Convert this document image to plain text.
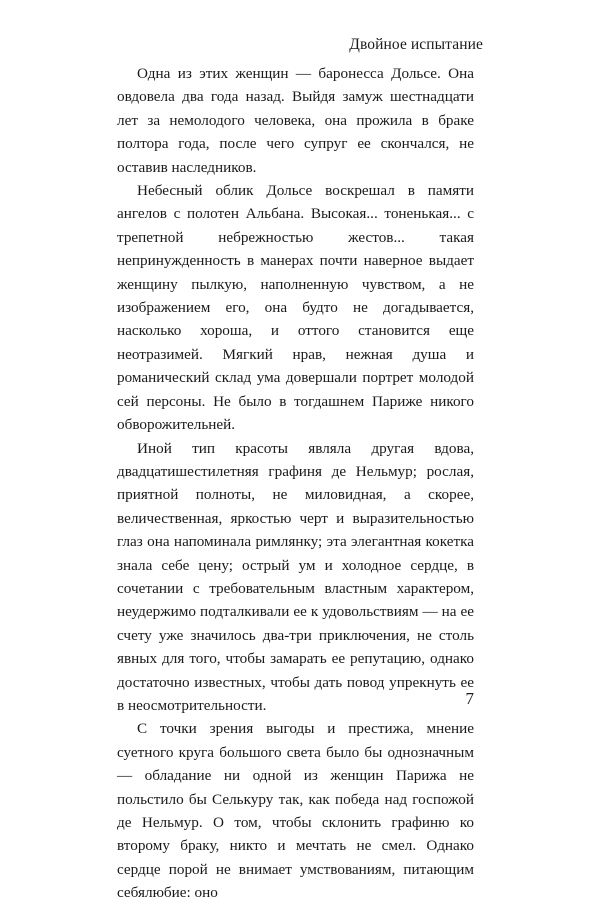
Двойное испытание

Одна из этих женщин — баронесса Дольсе. Она овдовела два года назад. Выйдя замуж шестнадцати лет за немолодого человека, она прожила в браке полтора года, после чего супруг ее скончался, не оставив наследников.

Небесный облик Дольсе воскрешал в памяти ангелов с полотен Альбана. Высокая... тоненькая... с трепетной небрежностью жестов... такая непринужденность в манерах почти наверное выдает женщину пылкую, наполненную чувством, а не изображением его, она будто не догадывается, насколько хороша, и оттого становится еще неотразимей. Мягкий нрав, нежная душа и романический склад ума довершали портрет молодой сей персоны. Не было в тогдашнем Париже никого обворожительней.

Иной тип красоты являла другая вдова, двадцатишестилетняя графиня де Нельмур; рослая, приятной полноты, не миловидная, а скорее, величественная, яркостью черт и выразительностью глаз она напоминала римлянку; эта элегантная кокетка знала себе цену; острый ум и холодное сердце, в сочетании с требовательным властным характером, неудержимо подталкивали ее к удовольствиям — на ее счету уже значилось два-три приключения, не столь явных для того, чтобы замарать ее репутацию, однако достаточно известных, чтобы дать повод упрекнуть ее в неосмотрительности.

С точки зрения выгоды и престижа, мнение суетного круга большого света было бы однозначным — обладание ни одной из женщин Парижа не польстило бы Селькуру так, как победа над госпожой де Нельмур. О том, чтобы склонить графиню ко второму браку, никто и мечтать не смел. Однако сердце порой не внимает умствованиям, питающим себялюбие: оно

7
